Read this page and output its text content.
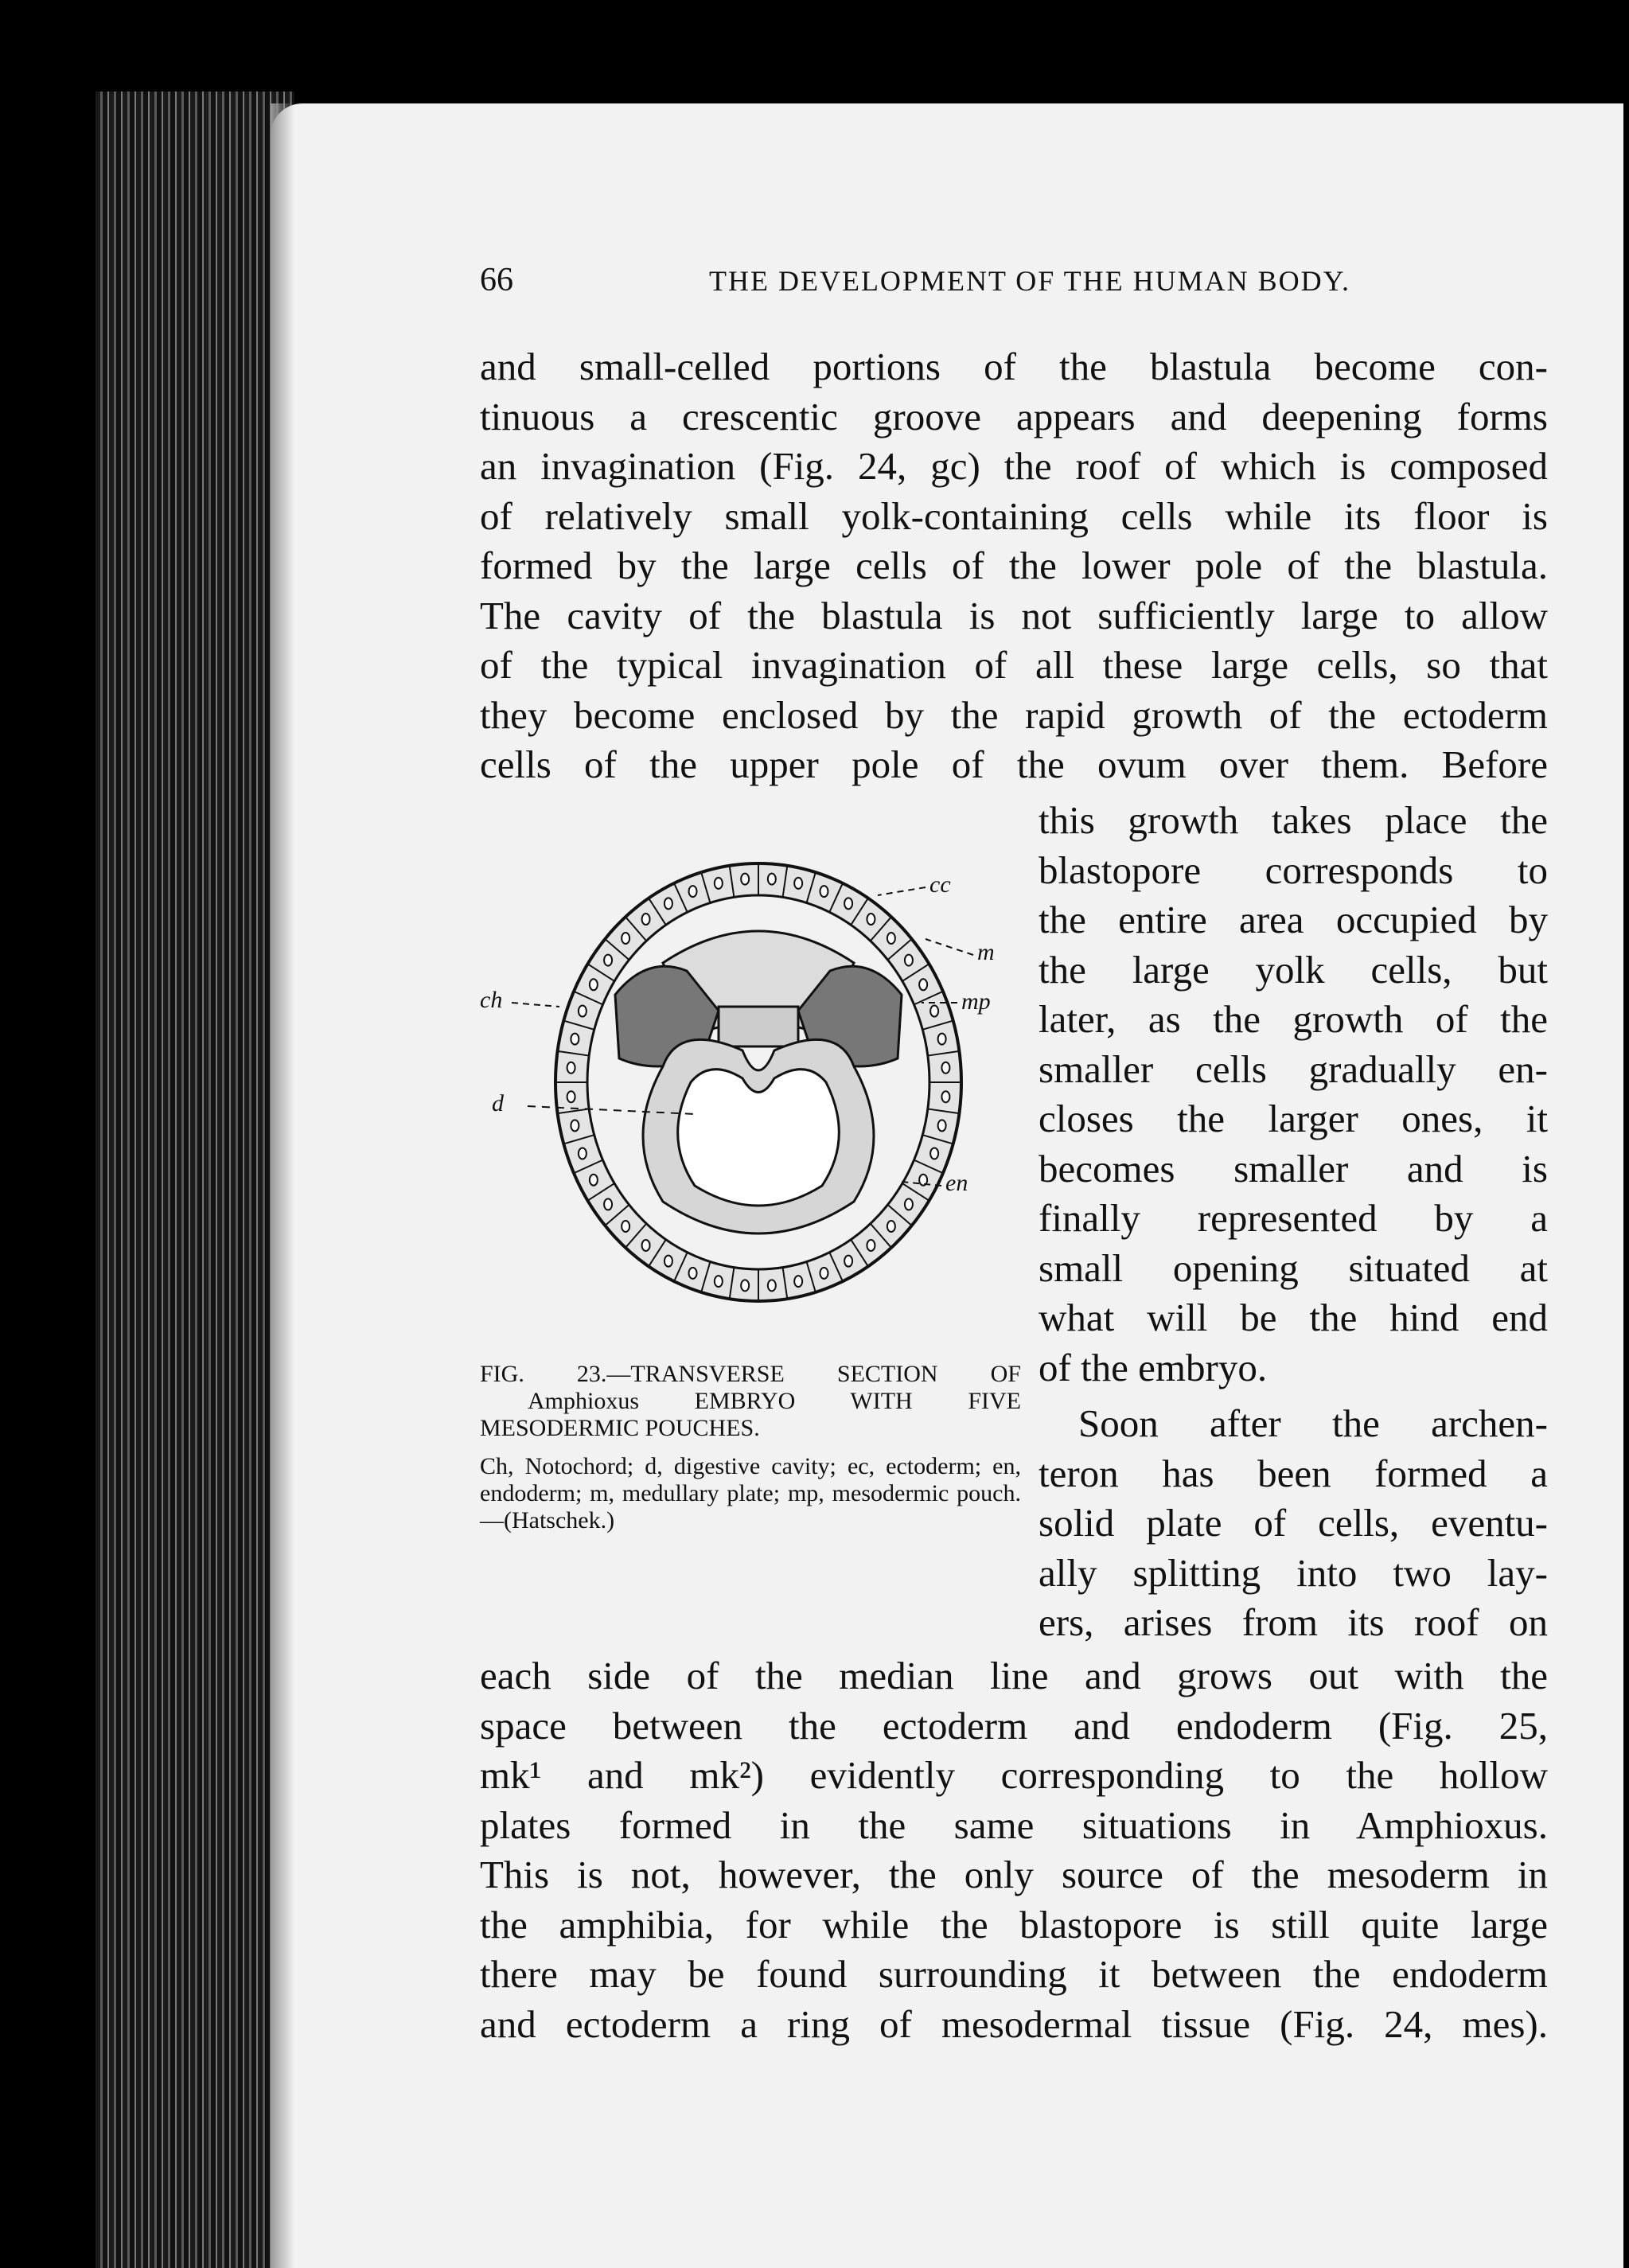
66	THE DEVELOPMENT OF THE HUMAN BODY.
and small-celled portions of the blastula become con-
tinuous a crescentic groove appears and deepening forms
an invagination (Fig. 24, gc) the roof of which is composed
of relatively small yolk-containing cells while its floor is
formed by the large cells of the lower pole of the blastula.
The cavity of the blastula is not sufficiently large to allow
of the typical invagination of all these large cells, so that
they become enclosed by the rapid growth of the ectoderm
cells of the upper pole of the ovum over them. Before
this growth takes place the
blastopore corresponds to
the entire area occupied by
the large yolk cells, but
later, as the growth of the
smaller cells gradually en-
closes the larger ones, it
becomes smaller and is
finally represented by a
small opening situated at
what will be the hind end
of the embryo.
Soon after the archen-
teron has been formed a
solid plate of cells, eventu-
ally splitting into two lay-
ers, arises from its roof on
cc
m
ch	mp
d
en
FIG. 23.—TRANSVERSE SECTION OF
Amphioxus EMBRYO WITH FIVE
MESODERMIC POUCHES.
Ch, Notochord; d, digestive cavity; ec, ectoderm; en, endoderm; m, medullary plate; mp, mesodermic pouch.—(Hatschek.)
each side of the median line and grows out with the
space between the ectoderm and endoderm (Fig. 25,
mk¹ and mk²) evidently corresponding to the hollow
plates formed in the same situations in Amphioxus.
This is not, however, the only source of the mesoderm in
the amphibia, for while the blastopore is still quite large
there may be found surrounding it between the endoderm
and ectoderm a ring of mesodermal tissue (Fig. 24, mes).
